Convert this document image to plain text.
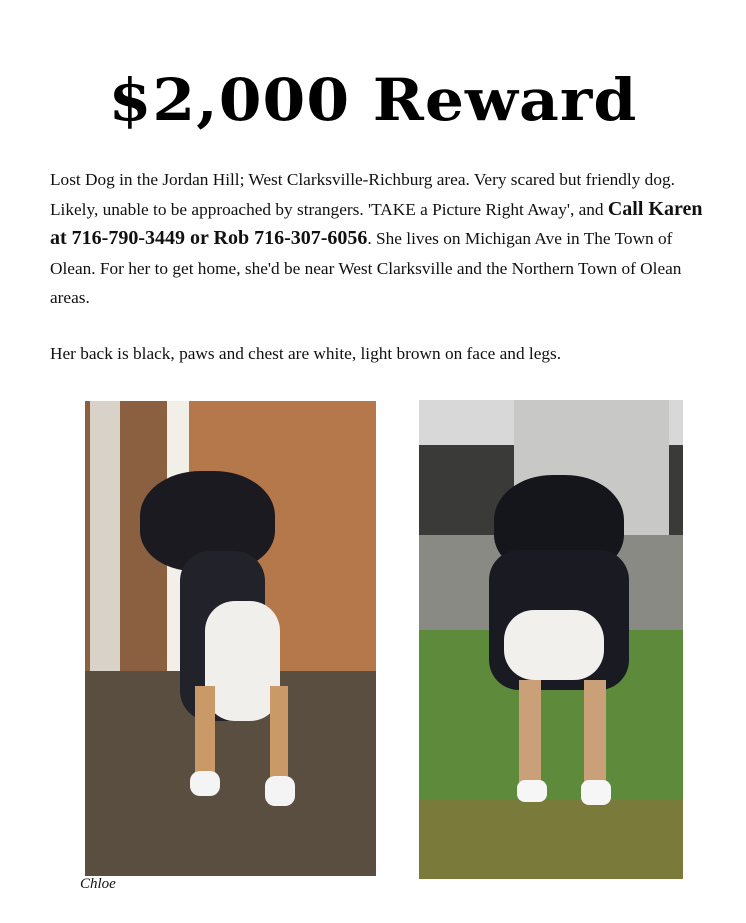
$2,000 Reward

Lost Dog in the Jordan Hill; West Clarksville-Richburg area. Very scared but friendly dog. Likely, unable to be approached by strangers. 'TAKE a Picture Right Away', and Call Karen at 716-790-3449 or Rob 716-307-6056. She lives on Michigan Ave in The Town of Olean. For her to get home, she'd be near West Clarksville and the Northern Town of Olean areas.

Her back is black, paws and chest are white, light brown on face and legs.

Chloe
